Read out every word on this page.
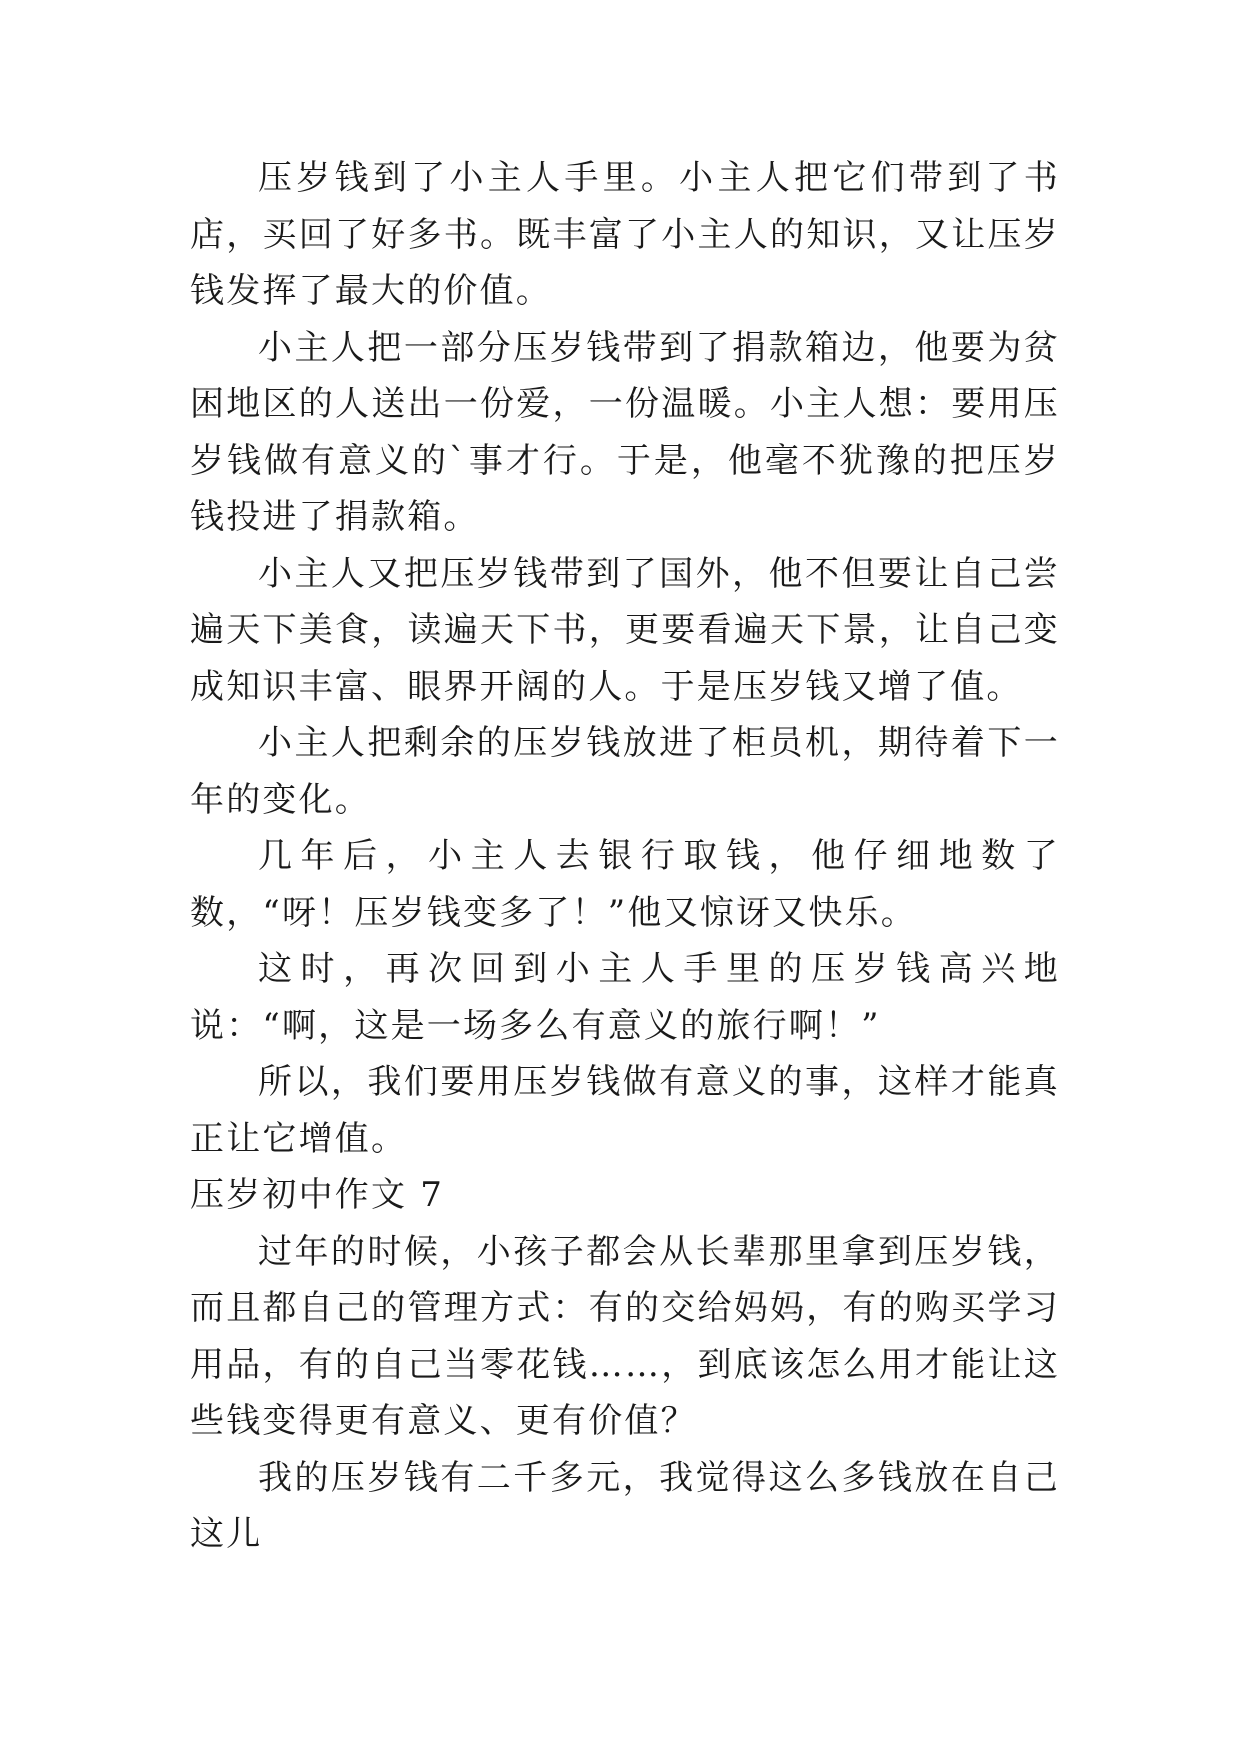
压岁钱到了小主人手里。小主人把它们带到了书店，买回了好多书。既丰富了小主人的知识，又让压岁钱发挥了最大的价值。

小主人把一部分压岁钱带到了捐款箱边，他要为贫困地区的人送出一份爱，一份温暖。小主人想：要用压岁钱做有意义的`事才行。于是，他毫不犹豫的把压岁钱投进了捐款箱。

小主人又把压岁钱带到了国外，他不但要让自己尝遍天下美食，读遍天下书，更要看遍天下景，让自己变成知识丰富、眼界开阔的人。于是压岁钱又增了值。

小主人把剩余的压岁钱放进了柜员机，期待着下一年的变化。

几年后，小主人去银行取钱，他仔细地数了数，“呀！压岁钱变多了！”他又惊讶又快乐。

这时，再次回到小主人手里的压岁钱高兴地说：“啊，这是一场多么有意义的旅行啊！”

所以，我们要用压岁钱做有意义的事，这样才能真正让它增值。

压岁初中作文 7

过年的时候，小孩子都会从长辈那里拿到压岁钱，而且都自己的管理方式：有的交给妈妈，有的购买学习用品，有的自己当零花钱……，到底该怎么用才能让这些钱变得更有意义、更有价值？

我的压岁钱有二千多元，我觉得这么多钱放在自己这儿
